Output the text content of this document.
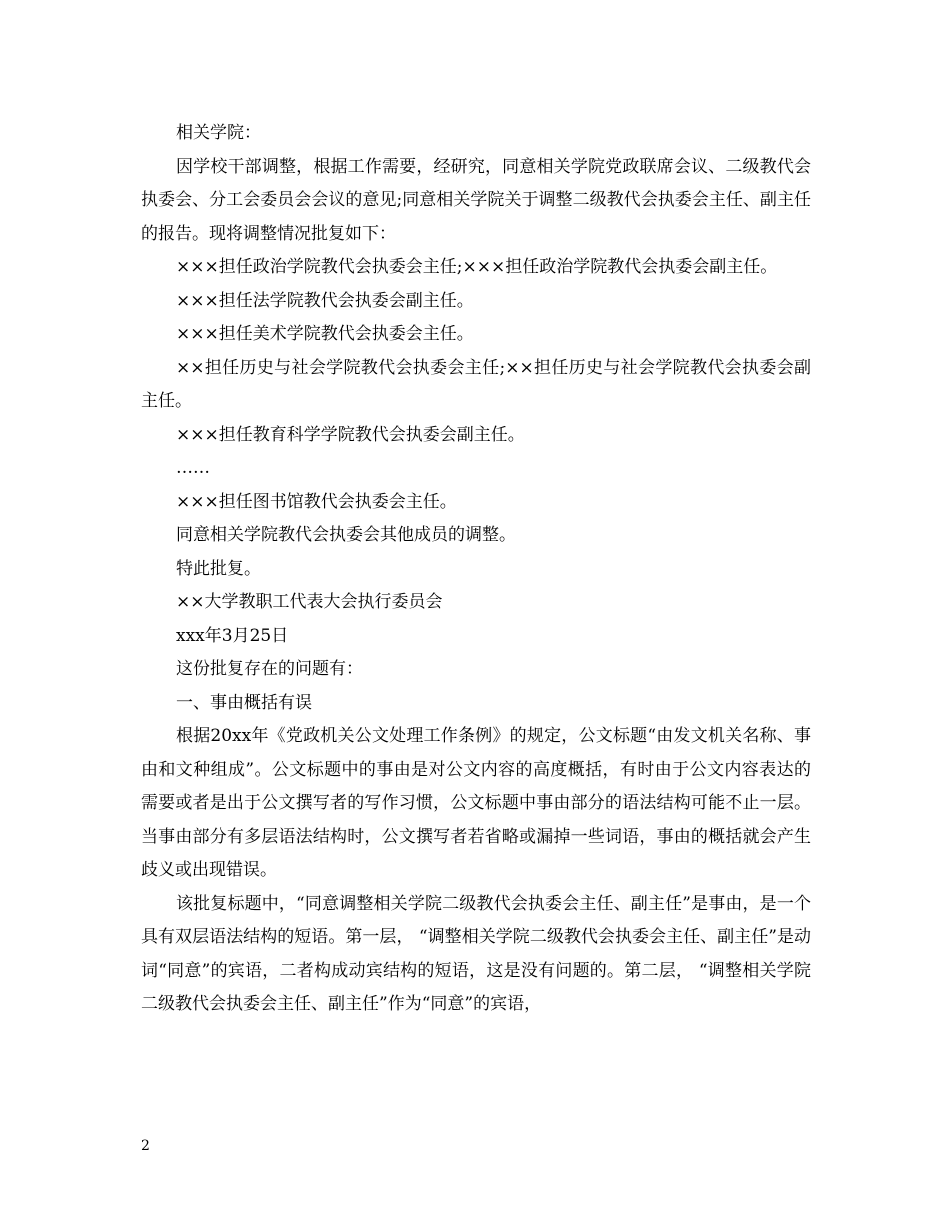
相关学院：

因学校干部调整，根据工作需要，经研究，同意相关学院党政联席会议、二级教代会执委会、分工会委员会会议的意见;同意相关学院关于调整二级教代会执委会主任、副主任的报告。现将调整情况批复如下：

×××担任政治学院教代会执委会主任;×××担任政治学院教代会执委会副主任。

×××担任法学院教代会执委会副主任。

×××担任美术学院教代会执委会主任。

××担任历史与社会学院教代会执委会主任;××担任历史与社会学院教代会执委会副主任。

×××担任教育科学学院教代会执委会副主任。

……

×××担任图书馆教代会执委会主任。

同意相关学院教代会执委会其他成员的调整。

特此批复。

××大学教职工代表大会执行委员会

xxx年3月25日

这份批复存在的问题有：

一、事由概括有误

根据20xx年《党政机关公文处理工作条例》的规定，公文标题“由发文机关名称、事由和文种组成”。公文标题中的事由是对公文内容的高度概括，有时由于公文内容表达的需要或者是出于公文撰写者的写作习惯，公文标题中事由部分的语法结构可能不止一层。当事由部分有多层语法结构时，公文撰写者若省略或漏掉一些词语，事由的概括就会产生歧义或出现错误。

该批复标题中，“同意调整相关学院二级教代会执委会主任、副主任”是事由，是一个具有双层语法结构的短语。第一层， “调整相关学院二级教代会执委会主任、副主任”是动词“同意”的宾语，二者构成动宾结构的短语，这是没有问题的。第二层， “调整相关学院二级教代会执委会主任、副主任”作为“同意”的宾语，

2
